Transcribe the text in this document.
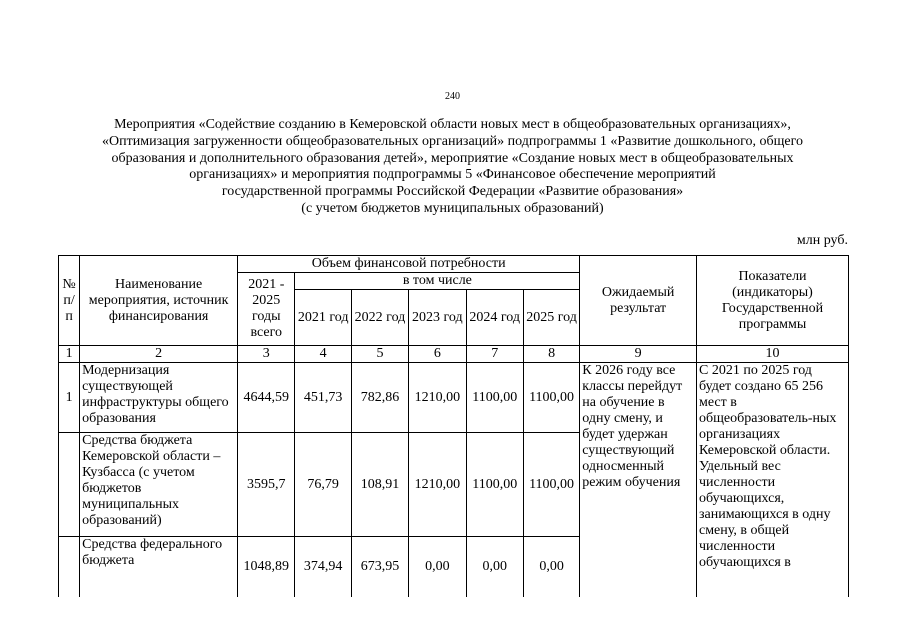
240
Мероприятия «Содействие созданию в Кемеровской области новых мест в общеобразовательных организациях»,
«Оптимизация загруженности общеобразовательных организаций» подпрограммы 1 «Развитие дошкольного, общего
образования и дополнительного образования детей», мероприятие «Создание новых мест в общеобразовательных
организациях» и мероприятия подпрограммы 5 «Финансовое обеспечение мероприятий
государственной программы Российской Федерации «Развитие образования»
(с учетом бюджетов муниципальных образований)
млн руб.
№ п/п	Наименование мероприятия, источник финансирования	Объем финансовой потребности						Ожидаемый результат	Показатели (индикаторы) Государственной программы
		2021 - 2025 годы всего	в том числе						
			2021 год	2022 год	2023 год	2024 год	2025 год		
1	2	3	4	5	6	7	8	9	10
1	Модернизация существующей инфраструктуры общего образования	4644,59	451,73	782,86	1210,00	1100,00	1100,00	К 2026 году все классы перейдут на обучение в одну смену, и будет удержан существующий односменный режим обучения	С 2021 по 2025 год будет создано 65 256 мест в общеобразователь-ных организациях Кемеровской области. Удельный вес численности обучающихся, занимающихся в одну смену, в общей численности обучающихся в
	Средства бюджета Кемеровской области – Кузбасса (с учетом бюджетов муниципальных образований)	3595,7	76,79	108,91	1210,00	1100,00	1100,00		
	Средства федерального бюджета	1048,89	374,94	673,95	0,00	0,00	0,00		
